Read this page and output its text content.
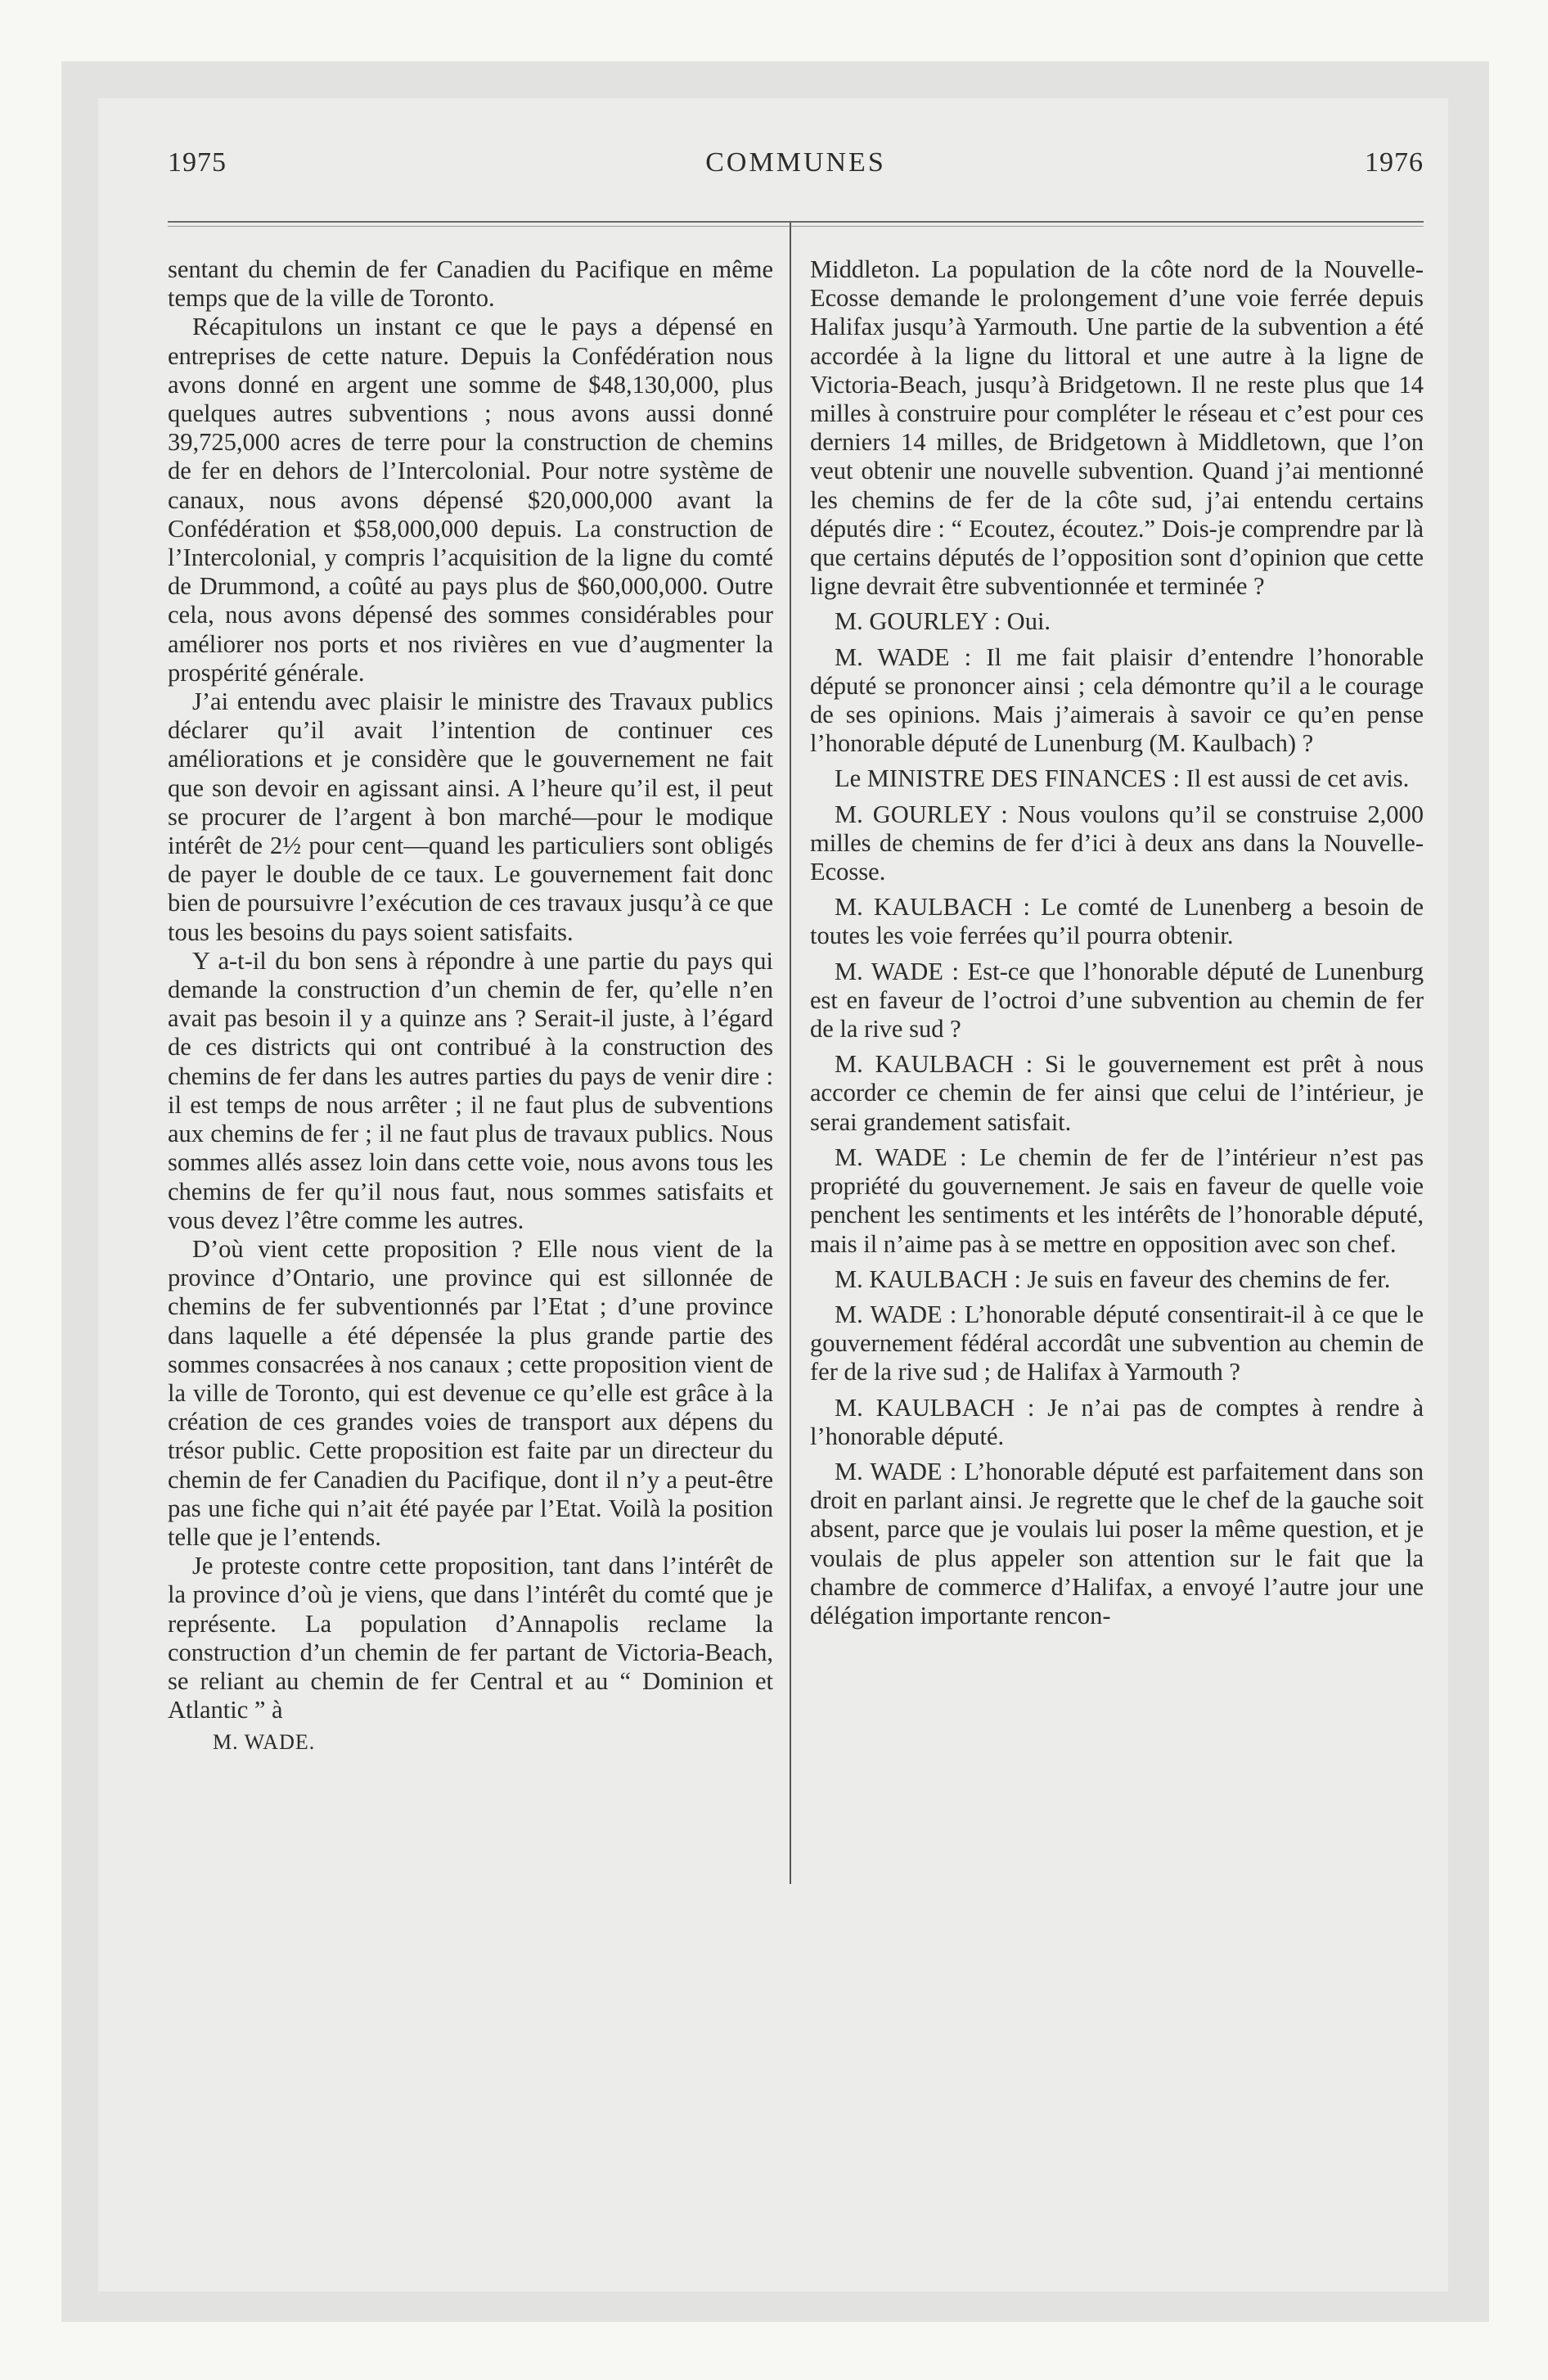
1975	COMMUNES	1976

sentant du chemin de fer Canadien du Pacifique en même temps que de la ville de Toronto.

Récapitulons un instant ce que le pays a dépensé en entreprises de cette nature. Depuis la Confédération nous avons donné en argent une somme de $48,130,000, plus quelques autres subventions ; nous avons aussi donné 39,725,000 acres de terre pour la construction de chemins de fer en dehors de l’Intercolonial. Pour notre système de canaux, nous avons dépensé $20,000,000 avant la Confédération et $58,000,000 depuis. La construction de l’Intercolonial, y compris l’acquisition de la ligne du comté de Drummond, a coûté au pays plus de $60,000,000. Outre cela, nous avons dépensé des sommes considérables pour améliorer nos ports et nos rivières en vue d’augmenter la prospérité générale.

J’ai entendu avec plaisir le ministre des Travaux publics déclarer qu’il avait l’intention de continuer ces améliorations et je considère que le gouvernement ne fait que son devoir en agissant ainsi. A l’heure qu’il est, il peut se procurer de l’argent à bon marché—pour le modique intérêt de 2½ pour cent—quand les particuliers sont obligés de payer le double de ce taux. Le gouvernement fait donc bien de poursuivre l’exécution de ces travaux jusqu’à ce que tous les besoins du pays soient satisfaits.

Y a-t-il du bon sens à répondre à une partie du pays qui demande la construction d’un chemin de fer, qu’elle n’en avait pas besoin il y a quinze ans ? Serait-il juste, à l’égard de ces districts qui ont contribué à la construction des chemins de fer dans les autres parties du pays de venir dire : il est temps de nous arrêter ; il ne faut plus de subventions aux chemins de fer ; il ne faut plus de travaux publics. Nous sommes allés assez loin dans cette voie, nous avons tous les chemins de fer qu’il nous faut, nous sommes satisfaits et vous devez l’être comme les autres.

D’où vient cette proposition ? Elle nous vient de la province d’Ontario, une province qui est sillonnée de chemins de fer subventionnés par l’Etat ; d’une province dans laquelle a été dépensée la plus grande partie des sommes consacrées à nos canaux ; cette proposition vient de la ville de Toronto, qui est devenue ce qu’elle est grâce à la création de ces grandes voies de transport aux dépens du trésor public. Cette proposition est faite par un directeur du chemin de fer Canadien du Pacifique, dont il n’y a peut-être pas une fiche qui n’ait été payée par l’Etat. Voilà la position telle que je l’entends.

Je proteste contre cette proposition, tant dans l’intérêt de la province d’où je viens, que dans l’intérêt du comté que je représente. La population d’Annapolis reclame la construction d’un chemin de fer partant de Victoria-Beach, se reliant au chemin de fer Central et au “ Dominion et Atlantic ” à

M. WADE.

Middleton. La population de la côte nord de la Nouvelle-Ecosse demande le prolongement d’une voie ferrée depuis Halifax jusqu’à Yarmouth. Une partie de la subvention a été accordée à la ligne du littoral et une autre à la ligne de Victoria-Beach, jusqu’à Bridgetown. Il ne reste plus que 14 milles à construire pour compléter le réseau et c’est pour ces derniers 14 milles, de Bridgetown à Middletown, que l’on veut obtenir une nouvelle subvention. Quand j’ai mentionné les chemins de fer de la côte sud, j’ai entendu certains députés dire : “ Ecoutez, écoutez.” Dois-je comprendre par là que certains députés de l’opposition sont d’opinion que cette ligne devrait être subventionnée et terminée ?

M. GOURLEY : Oui.

M. WADE : Il me fait plaisir d’entendre l’honorable député se prononcer ainsi ; cela démontre qu’il a le courage de ses opinions. Mais j’aimerais à savoir ce qu’en pense l’honorable député de Lunenburg (M. Kaulbach) ?

Le MINISTRE DES FINANCES : Il est aussi de cet avis.

M. GOURLEY : Nous voulons qu’il se construise 2,000 milles de chemins de fer d’ici à deux ans dans la Nouvelle-Ecosse.

M. KAULBACH : Le comté de Lunenberg a besoin de toutes les voie ferrées qu’il pourra obtenir.

M. WADE : Est-ce que l’honorable député de Lunenburg est en faveur de l’octroi d’une subvention au chemin de fer de la rive sud ?

M. KAULBACH : Si le gouvernement est prêt à nous accorder ce chemin de fer ainsi que celui de l’intérieur, je serai grandement satisfait.

M. WADE : Le chemin de fer de l’intérieur n’est pas propriété du gouvernement. Je sais en faveur de quelle voie penchent les sentiments et les intérêts de l’honorable député, mais il n’aime pas à se mettre en opposition avec son chef.

M. KAULBACH : Je suis en faveur des chemins de fer.

M. WADE : L’honorable député consentirait-il à ce que le gouvernement fédéral accordât une subvention au chemin de fer de la rive sud ; de Halifax à Yarmouth ?

M. KAULBACH : Je n’ai pas de comptes à rendre à l’honorable député.

M. WADE : L’honorable député est parfaitement dans son droit en parlant ainsi. Je regrette que le chef de la gauche soit absent, parce que je voulais lui poser la même question, et je voulais de plus appeler son attention sur le fait que la chambre de commerce d’Halifax, a envoyé l’autre jour une délégation importante rencon-
